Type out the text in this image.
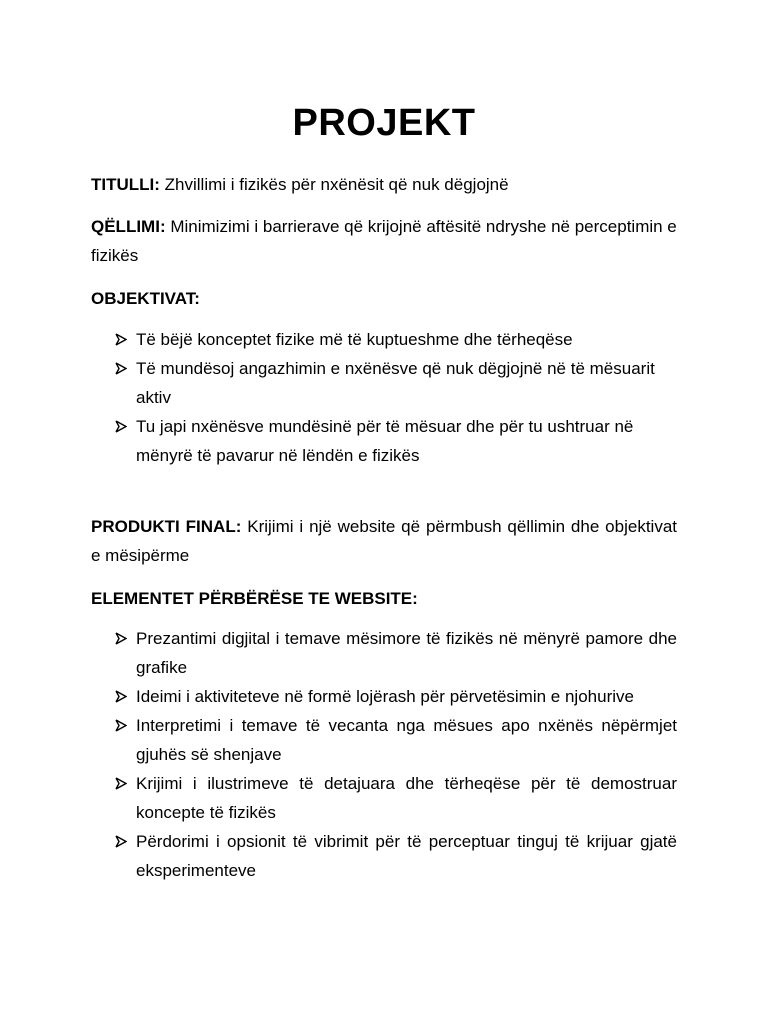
PROJEKT
TITULLI: Zhvillimi i fizikës për nxënësit që nuk dëgjojnë
QËLLIMI: Minimizimi i barrierave që krijojnë aftësitë ndryshe në perceptimin e fizikës
OBJEKTIVAT:
Të bëjë konceptet fizike më të kuptueshme dhe tërheqëse
Të mundësoj angazhimin e nxënësve që nuk dëgjojnë në të mësuarit aktiv
Tu japi nxënësve mundësinë për të mësuar dhe për tu ushtruar në mënyrë të pavarur në lëndën e fizikës
PRODUKTI FINAL: Krijimi i një website që përmbush qëllimin dhe objektivat e mësipërme
ELEMENTET PËRBËRËSE TE WEBSITE:
Prezantimi digjital i temave mësimore të fizikës në mënyrë pamore dhe grafike
Ideimi i aktiviteteve në formë lojërash për përvetësimin e njohurive
Interpretimi i temave të vecanta nga mësues apo nxënës nëpërmjet gjuhës së shenjave
Krijimi i ilustrimeve të detajuara dhe tërheqëse për të demostruar koncepte të fizikës
Përdorimi i opsionit të vibrimit për të perceptuar tinguj të krijuar gjatë eksperimenteve
